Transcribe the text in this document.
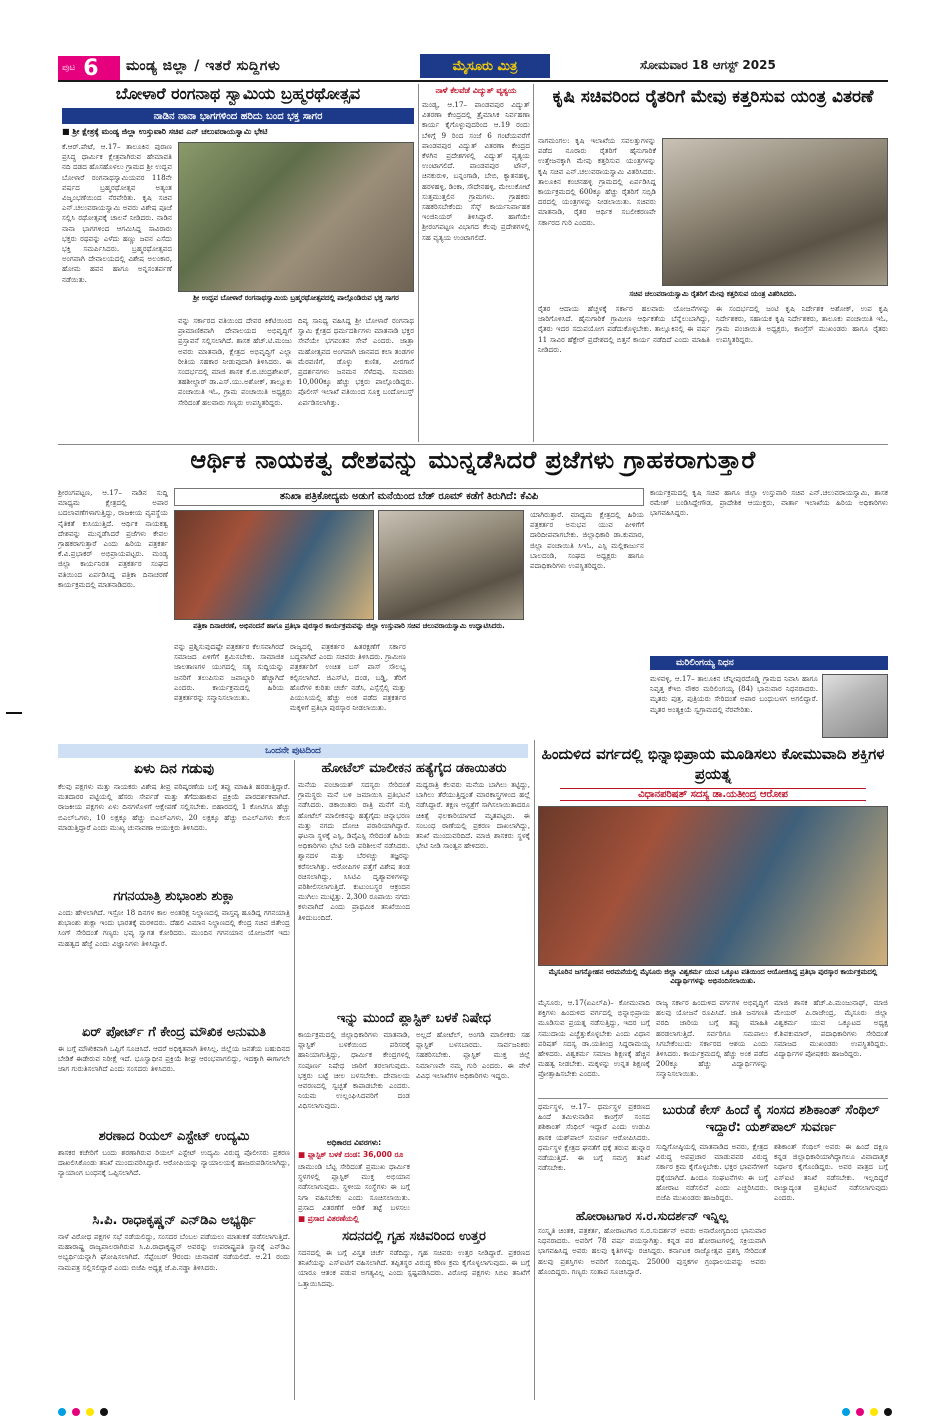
ಪುಟ 6 ಮಂಡ್ಯ ಜಿಲ್ಲಾ / ಇತರೆ ಸುದ್ದಿಗಳು	ಮೈಸೂರು ಮಿತ್ರ	ಸೋಮವಾರ 18 ಆಗಸ್ಟ್ 2025
ಬೋಳಾರೆ ರಂಗನಾಥ ಸ್ವಾಮಿಯ ಬ್ರಹ್ಮರಥೋತ್ಸವ
ನಾಡಿನ ನಾನಾ ಭಾಗಗಳಿಂದ ಹರಿದು ಬಂದ ಭಕ್ತ ಸಾಗರ
■ ಶ್ರೀ ಕ್ಷೇತ್ರಕ್ಕೆ ಮಂಡ್ಯ ಜಿಲ್ಲಾ ಉಸ್ತುವಾರಿ ಸಚಿವ ಎನ್ ಚಲುವರಾಯಸ್ವಾಮಿ ಭೇಟಿ
ಕೆ.ಆರ್.ಪೇಟೆ, ಆ.17– ತಾಲೂಕಿನ ಪುರಾಣ ಪ್ರಸಿದ್ಧ ಧಾರ್ಮಿಕ ಕ್ಷೇತ್ರವಾಗಿರುವ ಹೇಮಾವತಿ ನದಿ ದಡದ ಹೊಸಹೊಳಲು ಗ್ರಾಮದ ಶ್ರೀ ಉದ್ಭವ ಬೋಳಾರೆ ರಂಗನಾಥಸ್ವಾಮಿಯವರ 118ನೇ ವರ್ಷದ ಬ್ರಹ್ಮರಥೋತ್ಸವ ಅತ್ಯಂತ ವಿಜೃಂಭಣೆಯಿಂದ ನೆರವೇರಿತು. ಕೃಷಿ ಸಚಿವ ಎನ್.ಚಲುವರಾಯಸ್ವಾಮಿ ಅವರು ವಿಶೇಷ ಪೂಜೆ ಸಲ್ಲಿಸಿ ರಥೋತ್ಸವಕ್ಕೆ ಚಾಲನೆ ನೀಡಿದರು. ನಾಡಿನ ನಾನಾ ಭಾಗಗಳಿಂದ ಆಗಮಿಸಿದ್ದ ಸಾವಿರಾರು ಭಕ್ತರು ರಥವನ್ನು ಎಳೆದು ಹಣ್ಣು ಜವನ ಎಸೆದು ಭಕ್ತಿ ಸಮರ್ಪಿಸಿದರು. ಬ್ರಹ್ಮರಥೋತ್ಸವದ ಅಂಗವಾಗಿ ದೇವಾಲಯದಲ್ಲಿ ವಿಶೇಷ ಅಲಂಕಾರ, ಹೋಮ ಹವನ ಹಾಗೂ ಅನ್ನಸಂತರ್ಪಣೆ ನಡೆಯಿತು.
ಶ್ರೀ ಉದ್ಭವ ಬೋಳಾರೆ ರಂಗನಾಥಸ್ವಾಮಿಯ ಬ್ರಹ್ಮರಥೋತ್ಸವದಲ್ಲಿ ಪಾಲ್ಗೊಂಡಿರುವ ಭಕ್ತ ಸಾಗರ
ವನ್ನು ಸರ್ಕಾರದ ವತಿಯಿಂದ ದೇವರ ಕಿಕೆಟಿಯಿಂದ ಪ್ರಾಮಾಣಿಕವಾಗಿ ದೇವಾಲಯದ ಅಭಿವೃದ್ಧಿಗೆ ಪ್ರಸ್ತಾವನೆ ಸಲ್ಲಿಸಲಾಗಿದೆ. ಶಾಸಕ ಹೆಚ್.ಟಿ.ಮಂಜು ಅವರು ಮಾತನಾಡಿ, ಕ್ಷೇತ್ರದ ಅಭಿವೃದ್ಧಿಗೆ ಎಲ್ಲಾ ರೀತಿಯ ಸಹಕಾರ ನೀಡುವುದಾಗಿ ತಿಳಿಸಿದರು. ಈ ಸಂದರ್ಭದಲ್ಲಿ ಮಾಜಿ ಶಾಸಕ ಕೆ.ಬಿ.ಚಂದ್ರಶೇಖರ್, ತಹಶೀಲ್ದಾರ್ ಡಾ.ಎಸ್.ಯು.ಅಶೋಕ್, ತಾಲ್ಲೂಕು ಪಂಚಾಯಿತಿ ಇಓ, ಗ್ರಾಮ ಪಂಚಾಯಿತಿ ಅಧ್ಯಕ್ಷರು ಸೇರಿದಂತೆ ಹಲವಾರು ಗಣ್ಯರು ಉಪಸ್ಥಿತರಿದ್ದರು.
ದಿವ್ಯ ಸಾನಿಧ್ಯ ವಹಿಸಿದ್ದ ಶ್ರೀ ಬೋಳಾರೆ ರಂಗನಾಥ ಸ್ವಾಮಿ ಕ್ಷೇತ್ರದ ಧರ್ಮದರ್ಶಿಗಳು ಮಾತನಾಡಿ ಭಕ್ತರ ಸೇವೆಯೇ ಭಗವಂತನ ಸೇವೆ ಎಂದರು. ಜಾತ್ರಾ ಮಹೋತ್ಸವದ ಅಂಗವಾಗಿ ಜಾನಪದ ಕಲಾ ತಂಡಗಳ ಮೆರವಣಿಗೆ, ಡೊಳ್ಳು ಕುಣಿತ, ವೀರಗಾಸೆ ಪ್ರದರ್ಶನಗಳು ಜನಮನ ಸೆಳೆದವು. ಸುಮಾರು 10,000ಕ್ಕೂ ಹೆಚ್ಚು ಭಕ್ತರು ಪಾಲ್ಗೊಂಡಿದ್ದರು. ಪೊಲೀಸ್ ಇಲಾಖೆ ವತಿಯಿಂದ ಸೂಕ್ತ ಬಂದೋಬಸ್ತ್ ಏರ್ಪಡಿಸಲಾಗಿತ್ತು.
ನಾಳೆ ಕೆಲವೆಡೆ ವಿದ್ಯುತ್ ವ್ಯತ್ಯಯ
ಮಂಡ್ಯ, ಆ.17– ಪಾಂಡವಪುರ ವಿದ್ಯುತ್ ವಿತರಣಾ ಕೇಂದ್ರದಲ್ಲಿ ತ್ರೈಮಾಸಿಕ ನಿರ್ವಹಣಾ ಕಾರ್ಯ ಕೈಗೊಳ್ಳುವುದರಿಂದ ಆ.19 ರಂದು ಬೆಳಿಗ್ಗೆ 9 ರಿಂದ ಸಂಜೆ 6 ಗಂಟೆಯವರೆಗೆ ಪಾಂಡವಪುರ ವಿದ್ಯುತ್ ವಿತರಣಾ ಕೇಂದ್ರದ ಕೆಳಗಿನ ಪ್ರದೇಶಗಳಲ್ಲಿ ವಿದ್ಯುತ್ ವ್ಯತ್ಯಯ ಉಂಟಾಗಲಿದೆ. ಪಾಂಡವಪುರ ಟೌನ್, ಚಿನಕುರುಳಿ, ಬನ್ನಂಗಾಡಿ, ಬೇಬಿ, ಕ್ಯಾತನಹಳ್ಳಿ, ಹರಳಹಳ್ಳಿ, ಡಿಂಕಾ, ಸೌದೇನಹಳ್ಳಿ, ಮೇಲುಕೋಟೆ ಸುತ್ತಮುತ್ತಲಿನ ಗ್ರಾಮಗಳು. ಗ್ರಾಹಕರು ಸಹಕರಿಸಬೇಕೆಂದು ಸೆಸ್ಕ್ ಕಾರ್ಯನಿರ್ವಾಹಕ ಇಂಜಿನಿಯರ್ ತಿಳಿಸಿದ್ದಾರೆ. ಹಾಗೆಯೇ ಶ್ರೀರಂಗಪಟ್ಟಣ ವಿಭಾಗದ ಕೆಲವು ಪ್ರದೇಶಗಳಲ್ಲಿ ಸಹ ವ್ಯತ್ಯಯ ಉಂಟಾಗಲಿದೆ.
ಕೃಷಿ ಸಚಿವರಿಂದ ರೈತರಿಗೆ ಮೇವು ಕತ್ತರಿಸುವ ಯಂತ್ರ ವಿತರಣೆ
ನಾಗಮಂಗಲ: ಕೃಷಿ ಇಲಾಖೆಯ ಸವಲತ್ತುಗಳನ್ನು ಪಡೆದ ನೂರಾರು ರೈತರಿಗೆ ಹೈನುಗಾರಿಕೆ ಉತ್ತೇಜನಕ್ಕಾಗಿ ಮೇವು ಕತ್ತರಿಸುವ ಯಂತ್ರಗಳನ್ನು ಕೃಷಿ ಸಚಿವ ಎನ್.ಚಲುವರಾಯಸ್ವಾಮಿ ವಿತರಿಸಿದರು. ತಾಲೂಕಿನ ಕಂಚನಹಳ್ಳಿ ಗ್ರಾಮದಲ್ಲಿ ಏರ್ಪಡಿಸಿದ್ದ ಕಾರ್ಯಕ್ರಮದಲ್ಲಿ 600ಕ್ಕೂ ಹೆಚ್ಚು ರೈತರಿಗೆ ಸಬ್ಸಿಡಿ ದರದಲ್ಲಿ ಯಂತ್ರಗಳನ್ನು ನೀಡಲಾಯಿತು. ಸಚಿವರು ಮಾತನಾಡಿ, ರೈತರ ಆರ್ಥಿಕ ಸಬಲೀಕರಣವೇ ಸರ್ಕಾರದ ಗುರಿ ಎಂದರು.
ಸಚಿವ ಚಲುವರಾಯಸ್ವಾಮಿ ರೈತರಿಗೆ ಮೇವು ಕತ್ತರಿಸುವ ಯಂತ್ರ ವಿತರಿಸಿದರು.
ರೈತರ ಆದಾಯ ಹೆಚ್ಚಳಕ್ಕೆ ಸರ್ಕಾರ ಹಲವಾರು ಯೋಜನೆಗಳನ್ನು ಜಾರಿಗೊಳಿಸಿದೆ. ಹೈನುಗಾರಿಕೆ ಗ್ರಾಮೀಣ ಆರ್ಥಿಕತೆಯ ಬೆನ್ನೆಲುಬಾಗಿದ್ದು, ರೈತರು ಇದರ ಸದುಪಯೋಗ ಪಡೆದುಕೊಳ್ಳಬೇಕು. ತಾಲ್ಲೂಕಿನಲ್ಲಿ ಈ ವರ್ಷ 11 ಸಾವಿರ ಹೆಕ್ಟೇರ್ ಪ್ರದೇಶದಲ್ಲಿ ಬಿತ್ತನೆ ಕಾರ್ಯ ನಡೆದಿದೆ ಎಂದು ಮಾಹಿತಿ ನೀಡಿದರು.
ಈ ಸಂದರ್ಭದಲ್ಲಿ ಜಂಟಿ ಕೃಷಿ ನಿರ್ದೇಶಕ ಅಶೋಕ್, ಉಪ ಕೃಷಿ ನಿರ್ದೇಶಕರು, ಸಹಾಯಕ ಕೃಷಿ ನಿರ್ದೇಶಕರು, ತಾಲೂಕು ಪಂಚಾಯಿತಿ ಇಓ, ಗ್ರಾಮ ಪಂಚಾಯಿತಿ ಅಧ್ಯಕ್ಷರು, ಕಾಂಗ್ರೆಸ್ ಮುಖಂಡರು ಹಾಗೂ ರೈತರು ಉಪಸ್ಥಿತರಿದ್ದರು.
ಆರ್ಥಿಕ ನಾಯಕತ್ವ ದೇಶವನ್ನು ಮುನ್ನಡೆಸಿದರೆ ಪ್ರಜೆಗಳು ಗ್ರಾಹಕರಾಗುತ್ತಾರೆ
ಶ್ರೀರಂಗಪಟ್ಟಣ, ಆ.17– ನಾಡಿನ ಸುದ್ದಿ ಮಾಧ್ಯಮ ಕ್ಷೇತ್ರದಲ್ಲಿ ಅಪಾರ ಬದಲಾವಣೆಗಳಾಗುತ್ತಿದ್ದು, ರಾಜಕೀಯ ವ್ಯವಸ್ಥೆಯ ನೈತಿಕತೆ ಕುಸಿಯುತ್ತಿದೆ. ಆರ್ಥಿಕ ನಾಯಕತ್ವ ದೇಶವನ್ನು ಮುನ್ನಡೆಸಿದರೆ ಪ್ರಜೆಗಳು ಕೇವಲ ಗ್ರಾಹಕರಾಗುತ್ತಾರೆ ಎಂದು ಹಿರಿಯ ಪತ್ರಕರ್ತ ಕೆ.ವಿ.ಪ್ರಭಾಕರ್ ಅಭಿಪ್ರಾಯಪಟ್ಟರು. ಮಂಡ್ಯ ಜಿಲ್ಲಾ ಕಾರ್ಯನಿರತ ಪತ್ರಕರ್ತರ ಸಂಘದ ವತಿಯಿಂದ ಏರ್ಪಡಿಸಿದ್ದ ಪತ್ರಿಕಾ ದಿನಾಚರಣೆ ಕಾರ್ಯಕ್ರಮದಲ್ಲಿ ಮಾತನಾಡಿದರು.
ತನಿಖಾ ಪತ್ರಿಕೋದ್ಯಮ ಅಡುಗೆ ಮನೆಯಿಂದ ಬೆಡ್ ರೂಮ್ ಕಡೆಗೆ ತಿರುಗಿದೆ: ಕೆವಿಪಿ
ಪತ್ರಿಕಾ ದಿನಾಚರಣೆ, ಅಭಿನಂದನೆ ಹಾಗೂ ಪ್ರತಿಭಾ ಪುರಸ್ಕಾರ ಕಾರ್ಯಕ್ರಮವನ್ನು ಜಿಲ್ಲಾ ಉಸ್ತುವಾರಿ ಸಚಿವ ಚಲುವರಾಯಸ್ವಾಮಿ ಉದ್ಘಾಟಿಸಿದರು.
ವನ್ನು ಪ್ರಶ್ನಿಸುವುದಷ್ಟೇ ಪತ್ರಕರ್ತರ ಕೆಲಸವಾಗಿರದೆ ಸಮಾಜದ ಏಳಿಗೆಗೆ ಶ್ರಮಿಸಬೇಕು. ಸಾಮಾಜಿಕ ಜಾಲತಾಣಗಳ ಯುಗದಲ್ಲಿ ಸತ್ಯ ಸುದ್ದಿಯನ್ನು ಜನರಿಗೆ ತಲುಪಿಸುವ ಜವಾಬ್ದಾರಿ ಹೆಚ್ಚಾಗಿದೆ ಎಂದರು. ಕಾರ್ಯಕ್ರಮದಲ್ಲಿ ಹಿರಿಯ ಪತ್ರಕರ್ತರನ್ನು ಸನ್ಮಾನಿಸಲಾಯಿತು.
ರಾಜ್ಯದಲ್ಲಿ ಪತ್ರಕರ್ತರ ಹಿತರಕ್ಷಣೆಗೆ ಸರ್ಕಾರ ಬದ್ಧವಾಗಿದೆ ಎಂದು ಸಚಿವರು ತಿಳಿಸಿದರು. ಗ್ರಾಮೀಣ ಪತ್ರಕರ್ತರಿಗೆ ಉಚಿತ ಬಸ್ ಪಾಸ್ ಸೌಲಭ್ಯ ಕಲ್ಪಿಸಲಾಗಿದೆ. ಜಿಎಸ್‌ಟಿ, ದಂಡ, ಬಡ್ಡಿ, ತೆರಿಗೆ ಹೊರೆಗಳ ಕುರಿತು ಚರ್ಚೆ ನಡೆಸಿ, ಎಸ್ಸೆಸ್ಸೆಲ್ಸಿ ಮತ್ತು ಪಿಯುಸಿಯಲ್ಲಿ ಹೆಚ್ಚು ಅಂಕ ಪಡೆದ ಪತ್ರಕರ್ತರ ಮಕ್ಕಳಿಗೆ ಪ್ರತಿಭಾ ಪುರಸ್ಕಾರ ನೀಡಲಾಯಿತು.
ಯಾಗಿರುತ್ತಾರೆ. ಮಾಧ್ಯಮ ಕ್ಷೇತ್ರದಲ್ಲಿ ಹಿರಿಯ ಪತ್ರಕರ್ತರ ಅನುಭವ ಯುವ ಪೀಳಿಗೆಗೆ ದಾರಿದೀಪವಾಗಬೇಕು. ಜಿಲ್ಲಾಧಿಕಾರಿ ಡಾ.ಕುಮಾರ, ಜಿಲ್ಲಾ ಪಂಚಾಯಿತಿ ಸಿಇಓ, ಎಸ್ಪಿ ಮಲ್ಲಿಕಾರ್ಜುನ ಬಾಲದಂಡಿ, ಸಂಘದ ಅಧ್ಯಕ್ಷರು ಹಾಗೂ ಪದಾಧಿಕಾರಿಗಳು ಉಪಸ್ಥಿತರಿದ್ದರು.
ಕಾರ್ಯಕ್ರಮದಲ್ಲಿ ಕೃಷಿ ಸಚಿವ ಹಾಗೂ ಜಿಲ್ಲಾ ಉಸ್ತುವಾರಿ ಸಚಿವ ಎನ್.ಚಲುವರಾಯಸ್ವಾಮಿ, ಶಾಸಕ ರಮೇಶ್ ಬಂಡಿಸಿದ್ದೇಗೌಡ, ಪ್ರಾದೇಶಿಕ ಆಯುಕ್ತರು, ವಾರ್ತಾ ಇಲಾಖೆಯ ಹಿರಿಯ ಅಧಿಕಾರಿಗಳು ಭಾಗವಹಿಸಿದ್ದರು.
ಮರಿಲಿಂಗಯ್ಯ ನಿಧನ
ಮಳವಳ್ಳಿ, ಆ.17– ತಾಲೂಕಿನ ಚೆನ್ನೀಪುರದೊಡ್ಡಿ ಗ್ರಾಮದ ನಿವಾಸಿ ಹಾಗೂ ನಿವೃತ್ತ ಕೆಇಬಿ ನೌಕರ ಮರಿಲಿಂಗಯ್ಯ (84) ಭಾನುವಾರ ನಿಧನರಾದರು. ಮೃತರು ಪುತ್ರ, ಪುತ್ರಿಯರು ಸೇರಿದಂತೆ ಅಪಾರ ಬಂಧುಬಳಗ ಅಗಲಿದ್ದಾರೆ. ಮೃತರ ಅಂತ್ಯಕ್ರಿಯೆ ಸ್ವಗ್ರಾಮದಲ್ಲಿ ನೆರವೇರಿತು.
ಒಂದನೇ ಪುಟದಿಂದ
ಏಳು ದಿನ ಗಡುವು
ಕೆಲವು ಪಕ್ಷಗಳು ಮತ್ತು ನಾಯಕರು ವಿಶೇಷ ತೀವ್ರ ಪರಿಷ್ಕರಣೆಯ ಬಗ್ಗೆ ತಪ್ಪು ಮಾಹಿತಿ ಹರಡುತ್ತಿದ್ದಾರೆ. ಮತದಾರರ ಪಟ್ಟಿಯಲ್ಲಿ ಹೆಸರು ಸೇರ್ಪಡೆ ಮತ್ತು ತೆಗೆದುಹಾಕುವ ಪ್ರಕ್ರಿಯೆ ಪಾರದರ್ಶಕವಾಗಿದೆ. ರಾಜಕೀಯ ಪಕ್ಷಗಳು ಏಳು ದಿನಗಳೊಳಗೆ ಆಕ್ಷೇಪಣೆ ಸಲ್ಲಿಸಬೇಕು. ಬಿಹಾರದಲ್ಲಿ 1 ಕೋಟಿಗೂ ಹೆಚ್ಚು ಬಿಎಲ್‌ಒಗಳು, 10 ಲಕ್ಷಕ್ಕೂ ಹೆಚ್ಚು ಬಿಎಲ್‌ಎಗಳು, 20 ಲಕ್ಷಕ್ಕೂ ಹೆಚ್ಚು ಬಿಎಲ್‌ಎಗಳು ಕೆಲಸ ಮಾಡುತ್ತಿದ್ದಾರೆ ಎಂದು ಮುಖ್ಯ ಚುನಾವಣಾ ಆಯುಕ್ತರು ತಿಳಿಸಿದರು.
ಗಗನಯಾತ್ರಿ ಶುಭಾಂಶು ಶುಕ್ಲಾ
ಎಂದು ಹೇಳಲಾಗಿದೆ. ಇಸ್ರೋ 18 ದಿನಗಳ ಕಾಲ ಅಂತರಿಕ್ಷ ನಿಲ್ದಾಣದಲ್ಲಿ ವಾಸ್ತವ್ಯ ಹೂಡಿದ್ದ ಗಗನಯಾತ್ರಿ ಶುಭಾಂಶು ಶುಕ್ಲಾ ಇಂದು ಭಾರತಕ್ಕೆ ಮರಳಿದರು. ದೆಹಲಿ ವಿಮಾನ ನಿಲ್ದಾಣದಲ್ಲಿ ಕೇಂದ್ರ ಸಚಿವ ಜಿತೇಂದ್ರ ಸಿಂಗ್ ಸೇರಿದಂತೆ ಗಣ್ಯರು ಭವ್ಯ ಸ್ವಾಗತ ಕೋರಿದರು. ಮುಂದಿನ ಗಗನಯಾನ ಯೋಜನೆಗೆ ಇದು ಮಹತ್ವದ ಹೆಜ್ಜೆ ಎಂದು ವಿಜ್ಞಾನಿಗಳು ತಿಳಿಸಿದ್ದಾರೆ.
ಏರ್ ಪೋರ್ಟ್ ಗೆ ಕೇಂದ್ರ ಮೌಖಿಕ ಅನುಮತಿ
ಈ ಬಗ್ಗೆ ಮೌಖಿಕವಾಗಿ ಒಪ್ಪಿಗೆ ಸೂಚಿಸಿದೆ. ಆದರೆ ಅಧಿಕೃತವಾಗಿ ತಿಳಿಸಿಲ್ಲ. ಜಿಲ್ಲೆಯ ಜನತೆಯ ಬಹುದಿನದ ಬೇಡಿಕೆ ಈಡೇರುವ ನಿರೀಕ್ಷೆ ಇದೆ. ಭೂಸ್ವಾಧೀನ ಪ್ರಕ್ರಿಯೆ ಶೀಘ್ರ ಆರಂಭವಾಗಲಿದ್ದು, ಇದಕ್ಕಾಗಿ ಈಗಾಗಲೇ ಜಾಗ ಗುರುತಿಸಲಾಗಿದೆ ಎಂದು ಸಂಸದರು ತಿಳಿಸಿದರು.
ಶರಣಾದ ರಿಯಲ್ ಎಸ್ಟೇಟ್ ಉದ್ಯಮಿ
ಶಾಸಕರ ಕಚೇರಿಗೆ ಬಂದು ಶರಣಾಗಿರುವ ರಿಯಲ್ ಎಸ್ಟೇಟ್ ಉದ್ಯಮಿ ವಿರುದ್ಧ ಪೊಲೀಸರು ಪ್ರಕರಣ ದಾಖಲಿಸಿಕೊಂಡು ತನಿಖೆ ಮುಂದುವರಿಸಿದ್ದಾರೆ. ಆರೋಪಿಯನ್ನು ನ್ಯಾಯಾಲಯಕ್ಕೆ ಹಾಜರುಪಡಿಸಲಾಗಿದ್ದು, ನ್ಯಾಯಾಂಗ ಬಂಧನಕ್ಕೆ ಒಪ್ಪಿಸಲಾಗಿದೆ.
ಸಿ.ಪಿ. ರಾಧಾಕೃಷ್ಣನ್ ಎನ್‌ಡಿಎ ಅಭ್ಯರ್ಥಿ
ನಾಳೆ ವಿರೋಧ ಪಕ್ಷಗಳ ಸಭೆ ನಡೆಯಲಿದ್ದು, ಸಂಸದರ ಬೆಂಬಲ ಪಡೆಯಲು ಮಾತುಕತೆ ನಡೆಸಲಾಗುತ್ತಿದೆ. ಮಹಾರಾಷ್ಟ್ರ ರಾಜ್ಯಪಾಲರಾಗಿರುವ ಸಿ.ಪಿ.ರಾಧಾಕೃಷ್ಣನ್ ಅವರನ್ನು ಉಪರಾಷ್ಟ್ರಪತಿ ಸ್ಥಾನಕ್ಕೆ ಎನ್‌ಡಿಎ ಅಭ್ಯರ್ಥಿಯನ್ನಾಗಿ ಘೋಷಿಸಲಾಗಿದೆ. ಸೆಪ್ಟೆಂಬರ್ 9ರಂದು ಚುನಾವಣೆ ನಡೆಯಲಿದೆ. ಆ.21 ರಂದು ನಾಮಪತ್ರ ಸಲ್ಲಿಸಲಿದ್ದಾರೆ ಎಂದು ಬಿಜೆಪಿ ಅಧ್ಯಕ್ಷ ಜೆ.ಪಿ.ನಡ್ಡಾ ತಿಳಿಸಿದರು.
ಹೋಟೆಲ್ ಮಾಲೀಕನ ಹತ್ಯೆಗೈದ ಡಕಾಯಿತರು
ಮನೆಯ ಪಂಚಾಯತ್ ಸದಸ್ಯರು ಸೇರಿದಂತೆ ಗ್ರಾಮಸ್ಥರು ಮನೆ ಬಳಿ ಜಮಾಯಿಸಿ ಪ್ರತಿಭಟನೆ ನಡೆಸಿದರು. ಡಕಾಯಿತರು ರಾತ್ರಿ ಮನೆಗೆ ನುಗ್ಗಿ ಹೋಟೆಲ್ ಮಾಲೀಕನನ್ನು ಹತ್ಯೆಗೈದು ಚಿನ್ನಾಭರಣ ಮತ್ತು ನಗದು ದೋಚಿ ಪರಾರಿಯಾಗಿದ್ದಾರೆ. ಘಟನಾ ಸ್ಥಳಕ್ಕೆ ಎಸ್ಪಿ, ಡಿವೈಎಸ್ಪಿ ಸೇರಿದಂತೆ ಹಿರಿಯ ಅಧಿಕಾರಿಗಳು ಭೇಟಿ ನೀಡಿ ಪರಿಶೀಲನೆ ನಡೆಸಿದರು. ಶ್ವಾನದಳ ಮತ್ತು ಬೆರಳಚ್ಚು ತಜ್ಞರನ್ನು ಕರೆಸಲಾಗಿತ್ತು. ಆರೋಪಿಗಳ ಪತ್ತೆಗೆ ವಿಶೇಷ ತಂಡ ರಚಿಸಲಾಗಿದ್ದು, ಸಿಸಿಟಿವಿ ದೃಶ್ಯಾವಳಿಗಳನ್ನು ಪರಿಶೀಲಿಸಲಾಗುತ್ತಿದೆ. ಕುಟುಂಬಸ್ಥರ ಆಕ್ರಂದನ ಮುಗಿಲು ಮುಟ್ಟಿತ್ತು. 2,300 ರೂಪಾಯಿ ನಗದು ಕಳುವಾಗಿದೆ ಎಂದು ಪ್ರಾಥಮಿಕ ತನಿಖೆಯಿಂದ ತಿಳಿದುಬಂದಿದೆ.
ಮಧ್ಯರಾತ್ರಿ ಕೆಲವರು ಮನೆಯ ಬಾಗಿಲು ತಟ್ಟಿದ್ದು, ಬಾಗಿಲು ತೆರೆಯುತ್ತಿದ್ದಂತೆ ಮಾರಕಾಸ್ತ್ರಗಳಿಂದ ಹಲ್ಲೆ ನಡೆಸಿದ್ದಾರೆ. ತಕ್ಷಣ ಆಸ್ಪತ್ರೆಗೆ ಸಾಗಿಸಲಾಯಿತಾದರೂ ಚಿಕಿತ್ಸೆ ಫಲಕಾರಿಯಾಗದೆ ಮೃತಪಟ್ಟರು. ಈ ಸಂಬಂಧ ಠಾಣೆಯಲ್ಲಿ ಪ್ರಕರಣ ದಾಖಲಾಗಿದ್ದು, ತನಿಖೆ ಮುಂದುವರಿದಿದೆ. ಮಾಜಿ ಶಾಸಕರು ಸ್ಥಳಕ್ಕೆ ಭೇಟಿ ನೀಡಿ ಸಾಂತ್ವನ ಹೇಳಿದರು.
ಇನ್ನು ಮುಂದೆ ಪ್ಲಾಸ್ಟಿಕ್ ಬಳಕೆ ನಿಷೇಧ
ಕಾರ್ಯಕ್ರಮದಲ್ಲಿ ಜಿಲ್ಲಾಧಿಕಾರಿಗಳು ಮಾತನಾಡಿ, ಪ್ಲಾಸ್ಟಿಕ್ ಬಳಕೆಯಿಂದ ಪರಿಸರಕ್ಕೆ ಹಾನಿಯಾಗುತ್ತಿದ್ದು, ಧಾರ್ಮಿಕ ಕೇಂದ್ರಗಳಲ್ಲಿ ಸಂಪೂರ್ಣ ನಿಷೇಧ ಜಾರಿಗೆ ತರಲಾಗುವುದು. ಭಕ್ತರು ಬಟ್ಟೆ ಚೀಲ ಬಳಸಬೇಕು. ದೇವಾಲಯ ಆವರಣದಲ್ಲಿ ಸ್ವಚ್ಛತೆ ಕಾಪಾಡಬೇಕು ಎಂದರು. ನಿಯಮ ಉಲ್ಲಂಘಿಸಿದವರಿಗೆ ದಂಡ ವಿಧಿಸಲಾಗುವುದು.
ಅಧಿಕಾರದ ವಿವರಗಳು:
■ ಪ್ಲಾಸ್ಟಿಕ್ ಬಳಕೆ ದಂಡ: 36,000 ರೂ
ಚಾಮುಂಡಿ ಬೆಟ್ಟ ಸೇರಿದಂತೆ ಪ್ರಮುಖ ಧಾರ್ಮಿಕ ಸ್ಥಳಗಳಲ್ಲಿ ಪ್ಲಾಸ್ಟಿಕ್ ಮುಕ್ತ ಅಭಿಯಾನ ನಡೆಸಲಾಗುವುದು. ಸ್ಥಳೀಯ ಸಂಸ್ಥೆಗಳು ಈ ಬಗ್ಗೆ ನಿಗಾ ವಹಿಸಬೇಕು ಎಂದು ಸೂಚಿಸಲಾಯಿತು. ಪ್ರಸಾದ ವಿತರಣೆಗೆ ಅಡಿಕೆ ತಟ್ಟೆ ಬಳಸಲು
■ ಪ್ರಸಾದ ವಿತರಣೆಯಲ್ಲಿ
ಅಲ್ಲದೆ ಹೋಟೆಲ್, ಅಂಗಡಿ ಮಾಲೀಕರು ಸಹ ಪ್ಲಾಸ್ಟಿಕ್ ಬಳಸಬಾರದು. ಸಾರ್ವಜನಿಕರು ಸಹಕರಿಸಬೇಕು. ಪ್ಲಾಸ್ಟಿಕ್ ಮುಕ್ತ ಜಿಲ್ಲೆ ನಿರ್ಮಾಣವೇ ನಮ್ಮ ಗುರಿ ಎಂದರು. ಈ ವೇಳೆ ವಿವಿಧ ಇಲಾಖೆಗಳ ಅಧಿಕಾರಿಗಳು ಇದ್ದರು.
ಸದನದಲ್ಲಿ ಗೃಹ ಸಚಿವರಿಂದ ಉತ್ತರ
ಸದನದಲ್ಲಿ ಈ ಬಗ್ಗೆ ವಿಸ್ತೃತ ಚರ್ಚೆ ನಡೆದಿದ್ದು, ಗೃಹ ಸಚಿವರು ಉತ್ತರ ನೀಡಿದ್ದಾರೆ. ಪ್ರಕರಣದ ತನಿಖೆಯನ್ನು ಎಸ್‌ಐಟಿಗೆ ವಹಿಸಲಾಗಿದೆ. ತಪ್ಪಿತಸ್ಥರ ವಿರುದ್ಧ ಕಠಿಣ ಕ್ರಮ ಕೈಗೊಳ್ಳಲಾಗುವುದು. ಈ ಬಗ್ಗೆ ಯಾರೂ ಆತಂಕ ಪಡುವ ಅಗತ್ಯವಿಲ್ಲ ಎಂದು ಸ್ಪಷ್ಟಪಡಿಸಿದರು. ವಿರೋಧ ಪಕ್ಷಗಳು ಸಿಬಿಐ ತನಿಖೆಗೆ ಒತ್ತಾಯಿಸಿದವು.
ಹಿಂದುಳಿದ ವರ್ಗದಲ್ಲಿ ಭಿನ್ನಾಭಿಪ್ರಾಯ ಮೂಡಿಸಲು ಕೋಮುವಾದಿ ಶಕ್ತಿಗಳ ಪ್ರಯತ್ನ
ವಿಧಾನಪರಿಷತ್ ಸದಸ್ಯ ಡಾ.ಯತೀಂದ್ರ ಆರೋಪ
ಮೈಸೂರಿನ ಜಗನ್ಮೋಹನ ಅರಮನೆಯಲ್ಲಿ ಮೈಸೂರು ಜಿಲ್ಲಾ ವಿಶ್ವಕರ್ಮ ಯುವ ಒಕ್ಕೂಟ ವತಿಯಿಂದ ಆಯೋಜಿಸಿದ್ದ ಪ್ರತಿಭಾ ಪುರಸ್ಕಾರ ಕಾರ್ಯಕ್ರಮದಲ್ಲಿ ವಿದ್ಯಾರ್ಥಿಗಳನ್ನು ಅಭಿನಂದಿಸಲಾಯಿತು.
ಮೈಸೂರು, ಆ.17(ಏಎಲ್‌ಪಿ)– ಕೋಮುವಾದಿ ಶಕ್ತಿಗಳು ಹಿಂದುಳಿದ ವರ್ಗದಲ್ಲಿ ಭಿನ್ನಾಭಿಪ್ರಾಯ ಮೂಡಿಸುವ ಪ್ರಯತ್ನ ನಡೆಸುತ್ತಿದ್ದು, ಇದರ ಬಗ್ಗೆ ಸಮುದಾಯ ಎಚ್ಚೆತ್ತುಕೊಳ್ಳಬೇಕು ಎಂದು ವಿಧಾನ ಪರಿಷತ್ ಸದಸ್ಯ ಡಾ.ಯತೀಂದ್ರ ಸಿದ್ದರಾಮಯ್ಯ ಹೇಳಿದರು. ವಿಶ್ವಕರ್ಮ ಸಮಾಜ ಶಿಕ್ಷಣಕ್ಕೆ ಹೆಚ್ಚಿನ ಮಹತ್ವ ನೀಡಬೇಕು. ಮಕ್ಕಳನ್ನು ಉನ್ನತ ಶಿಕ್ಷಣಕ್ಕೆ ಪ್ರೋತ್ಸಾಹಿಸಬೇಕು ಎಂದರು.
ರಾಜ್ಯ ಸರ್ಕಾರ ಹಿಂದುಳಿದ ವರ್ಗಗಳ ಅಭಿವೃದ್ಧಿಗೆ ಹಲವು ಯೋಜನೆ ರೂಪಿಸಿದೆ. ಜಾತಿ ಜನಗಣತಿ ವರದಿ ಜಾರಿಯ ಬಗ್ಗೆ ತಪ್ಪು ಮಾಹಿತಿ ಹರಡಲಾಗುತ್ತಿದೆ. ಸರ್ವರಿಗೂ ಸಮಪಾಲು ಸಿಗಬೇಕೆಂಬುದು ಸರ್ಕಾರದ ಆಶಯ ಎಂದು ತಿಳಿಸಿದರು. ಕಾರ್ಯಕ್ರಮದಲ್ಲಿ ಹೆಚ್ಚು ಅಂಕ ಪಡೆದ 200ಕ್ಕೂ ಹೆಚ್ಚು ವಿದ್ಯಾರ್ಥಿಗಳನ್ನು ಸನ್ಮಾನಿಸಲಾಯಿತು.
ಮಾಜಿ ಶಾಸಕ ಹೆಚ್.ಪಿ.ಮಂಜುನಾಥ್, ಮಾಜಿ ಮೇಯರ್ ಪಿ.ರಾಜೇಂದ್ರ, ಮೈಸೂರು ಜಿಲ್ಲಾ ವಿಶ್ವಕರ್ಮ ಯುವ ಒಕ್ಕೂಟದ ಅಧ್ಯಕ್ಷ ಕೆ.ಶಿವಕುಮಾರ್, ಪದಾಧಿಕಾರಿಗಳು ಸೇರಿದಂತೆ ಸಮಾಜದ ಮುಖಂಡರು ಉಪಸ್ಥಿತರಿದ್ದರು. ವಿದ್ಯಾರ್ಥಿಗಳ ಪೋಷಕರು ಹಾಜರಿದ್ದರು.
ಬುರುಡೆ ಕೇಸ್ ಹಿಂದೆ ಕೈ ಸಂಸದ ಶಶಿಕಾಂತ್ ಸೆಂಥಿಲ್ ಇದ್ದಾರೆ: ಯಶ್‌ಪಾಲ್ ಸುವರ್ಣ
ಧರ್ಮಸ್ಥಳ, ಆ.17– ಧರ್ಮಸ್ಥಳ ಪ್ರಕರಣದ ಹಿಂದೆ ತಮಿಳುನಾಡಿನ ಕಾಂಗ್ರೆಸ್ ಸಂಸದ ಶಶಿಕಾಂತ್ ಸೆಂಥಿಲ್ ಇದ್ದಾರೆ ಎಂದು ಉಡುಪಿ ಶಾಸಕ ಯಶ್‌ಪಾಲ್ ಸುವರ್ಣ ಆರೋಪಿಸಿದರು. ಧರ್ಮಸ್ಥಳ ಕ್ಷೇತ್ರದ ಘನತೆಗೆ ಧಕ್ಕೆ ತರುವ ಹುನ್ನಾರ ನಡೆಯುತ್ತಿದೆ. ಈ ಬಗ್ಗೆ ಸಮಗ್ರ ತನಿಖೆ ನಡೆಸಬೇಕು.
ಸುದ್ದಿಗೋಷ್ಠಿಯಲ್ಲಿ ಮಾತನಾಡಿದ ಅವರು, ಕ್ಷೇತ್ರದ ವಿರುದ್ಧ ಅಪಪ್ರಚಾರ ಮಾಡುವವರ ವಿರುದ್ಧ ಸರ್ಕಾರ ಕ್ರಮ ಕೈಗೊಳ್ಳಬೇಕು. ಭಕ್ತರ ಭಾವನೆಗಳಿಗೆ ಧಕ್ಕೆಯಾಗಿದೆ. ಹಿಂದೂ ಸಂಘಟನೆಗಳು ಈ ಬಗ್ಗೆ ಹೋರಾಟ ನಡೆಸಲಿವೆ ಎಂದು ಎಚ್ಚರಿಸಿದರು. ಬಿಜೆಪಿ ಮುಖಂಡರು ಹಾಜರಿದ್ದರು.
ಶಶಿಕಾಂತ್ ಸೆಂಥಿಲ್ ಅವರು ಈ ಹಿಂದೆ ದಕ್ಷಿಣ ಕನ್ನಡ ಜಿಲ್ಲಾಧಿಕಾರಿಯಾಗಿದ್ದಾಗಲೂ ವಿವಾದಾತ್ಮಕ ನಿರ್ಧಾರ ಕೈಗೊಂಡಿದ್ದರು. ಅವರ ಪಾತ್ರದ ಬಗ್ಗೆ ಎಸ್‌ಐಟಿ ತನಿಖೆ ನಡೆಸಬೇಕು. ಇಲ್ಲದಿದ್ದರೆ ರಾಜ್ಯಾದ್ಯಂತ ಪ್ರತಿಭಟನೆ ನಡೆಸಲಾಗುವುದು ಎಂದರು.
ಹೋರಾಟಗಾರ ಸ.ರ.ಸುದರ್ಶನ್ ಇನ್ನಿಲ್ಲ
ಸಂಸ್ಕೃತಿ ಚಿಂತಕ, ಪತ್ರಕರ್ತ, ಹೋರಾಟಗಾರ ಸ.ರ.ಸುದರ್ಶನ್ ಅವರು ಅನಾರೋಗ್ಯದಿಂದ ಭಾನುವಾರ ನಿಧನರಾದರು. ಅವರಿಗೆ 78 ವರ್ಷ ವಯಸ್ಸಾಗಿತ್ತು. ಕನ್ನಡ ಪರ ಹೋರಾಟಗಳಲ್ಲಿ ಸಕ್ರಿಯವಾಗಿ ಭಾಗವಹಿಸಿದ್ದ ಅವರು ಹಲವು ಕೃತಿಗಳನ್ನು ರಚಿಸಿದ್ದರು. ಕರ್ನಾಟಕ ರಾಜ್ಯೋತ್ಸವ ಪ್ರಶಸ್ತಿ ಸೇರಿದಂತೆ ಹಲವು ಪ್ರಶಸ್ತಿಗಳು ಅವರಿಗೆ ಸಂದಿದ್ದವು. 25000 ಪುಸ್ತಕಗಳ ಗ್ರಂಥಾಲಯವನ್ನು ಅವರು ಹೊಂದಿದ್ದರು. ಗಣ್ಯರು ಸಂತಾಪ ಸೂಚಿಸಿದ್ದಾರೆ.
